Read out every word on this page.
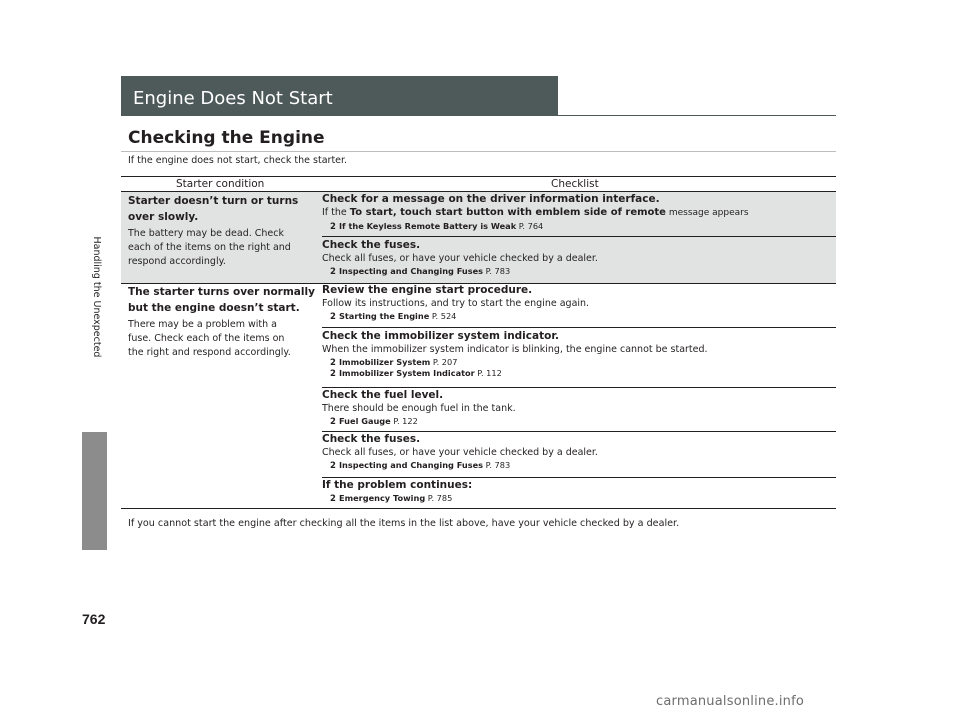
Handling the Unexpected
762
Engine Does Not Start
Checking the Engine
If the engine does not start, check the starter.
Starter condition	Checklist
Starter doesn’t turn or turns
over slowly.
The battery may be dead. Check
each of the items on the right and
respond accordingly.
Check for a message on the driver information interface.
If the To start, touch start button with emblem side of remote message appears
2 If the Keyless Remote Battery is Weak P. 764
Check the fuses.
Check all fuses, or have your vehicle checked by a dealer.
2 Inspecting and Changing Fuses P. 783
The starter turns over normally
but the engine doesn’t start.
There may be a problem with a
fuse. Check each of the items on
the right and respond accordingly.
Review the engine start procedure.
Follow its instructions, and try to start the engine again.
2 Starting the Engine P. 524
Check the immobilizer system indicator.
When the immobilizer system indicator is blinking, the engine cannot be started.
2 Immobilizer System P. 207
2 Immobilizer System Indicator P. 112
Check the fuel level.
There should be enough fuel in the tank.
2 Fuel Gauge P. 122
Check the fuses.
Check all fuses, or have your vehicle checked by a dealer.
2 Inspecting and Changing Fuses P. 783
If the problem continues:
2 Emergency Towing P. 785
If you cannot start the engine after checking all the items in the list above, have your vehicle checked by a dealer.
carmanualsonline.info
